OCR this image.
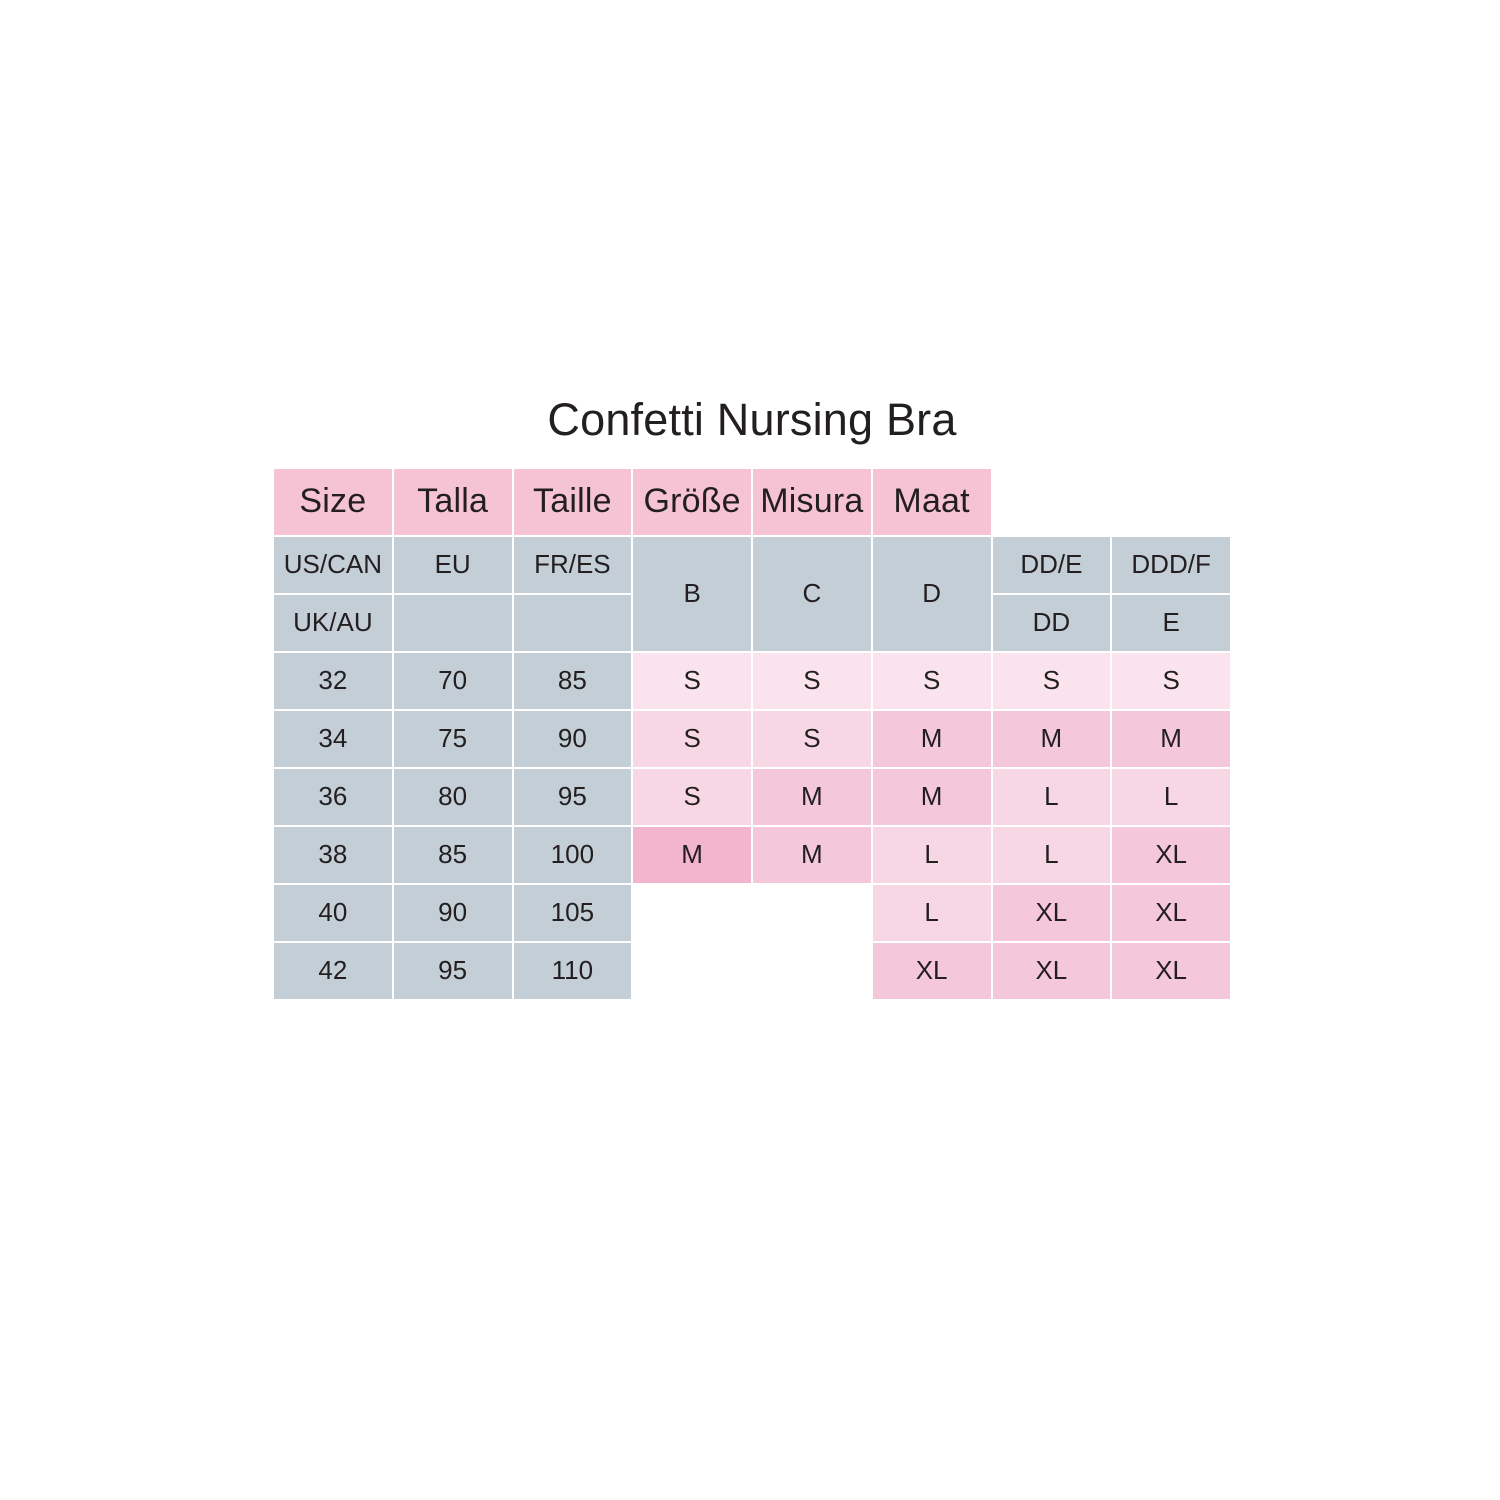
Confetti Nursing Bra
Size	Talla	Taille	Größe	Misura	Maat		
US/CAN	EU	FR/ES	B	C	D	DD/E	DDD/F
UK/AU						DD	E
32	70	85	S	S	S	S	S
34	75	90	S	S	M	M	M
36	80	95	S	M	M	L	L
38	85	100	M	M	L	L	XL
40	90	105			L	XL	XL
42	95	110			XL	XL	XL
